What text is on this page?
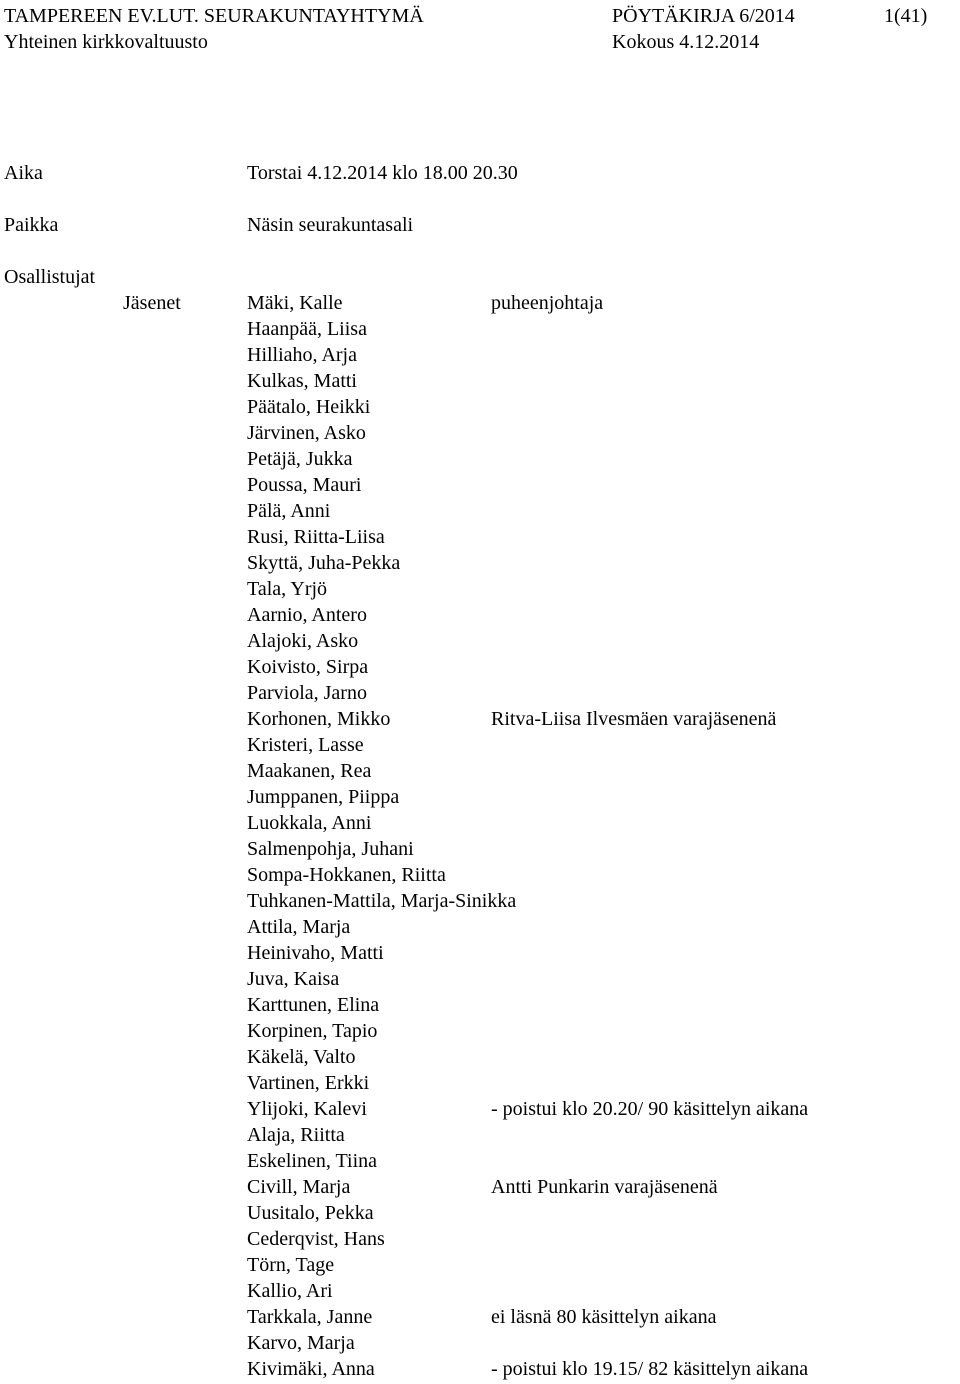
TAMPEREEN EV.LUT. SEURAKUNTAYHTYMÄ
Yhteinen kirkkovaltuusto
PÖYTÄKIRJA 6/2014
Kokous 4.12.2014
1(41)
Aika	Torstai 4.12.2014 klo 18.00 20.30
Paikka	Näsin seurakuntasali
Osallistujat
Jäsenet	Mäki, Kalle	puheenjohtaja
Haanpää, Liisa
Hilliaho, Arja
Kulkas, Matti
Päätalo, Heikki
Järvinen, Asko
Petäjä, Jukka
Poussa, Mauri
Pälä, Anni
Rusi, Riitta-Liisa
Skyttä, Juha-Pekka
Tala, Yrjö
Aarnio, Antero
Alajoki, Asko
Koivisto, Sirpa
Parviola, Jarno
Korhonen, Mikko	Ritva-Liisa Ilvesmäen varajäsenenä
Kristeri, Lasse
Maakanen, Rea
Jumppanen, Piippa
Luokkala, Anni
Salmenpohja, Juhani
Sompa-Hokkanen, Riitta
Tuhkanen-Mattila, Marja-Sinikka
Attila, Marja
Heinivaho, Matti
Juva, Kaisa
Karttunen, Elina
Korpinen, Tapio
Käkelä, Valto
Vartinen, Erkki
Ylijoki, Kalevi	- poistui klo 20.20/ 90 käsittelyn aikana
Alaja, Riitta
Eskelinen, Tiina
Civill, Marja	Antti Punkarin varajäsenenä
Uusitalo, Pekka
Cederqvist, Hans
Törn, Tage
Kallio, Ari
Tarkkala, Janne	ei läsnä 80 käsittelyn aikana
Karvo, Marja
Kivimäki, Anna	- poistui klo 19.15/ 82 käsittelyn aikana
